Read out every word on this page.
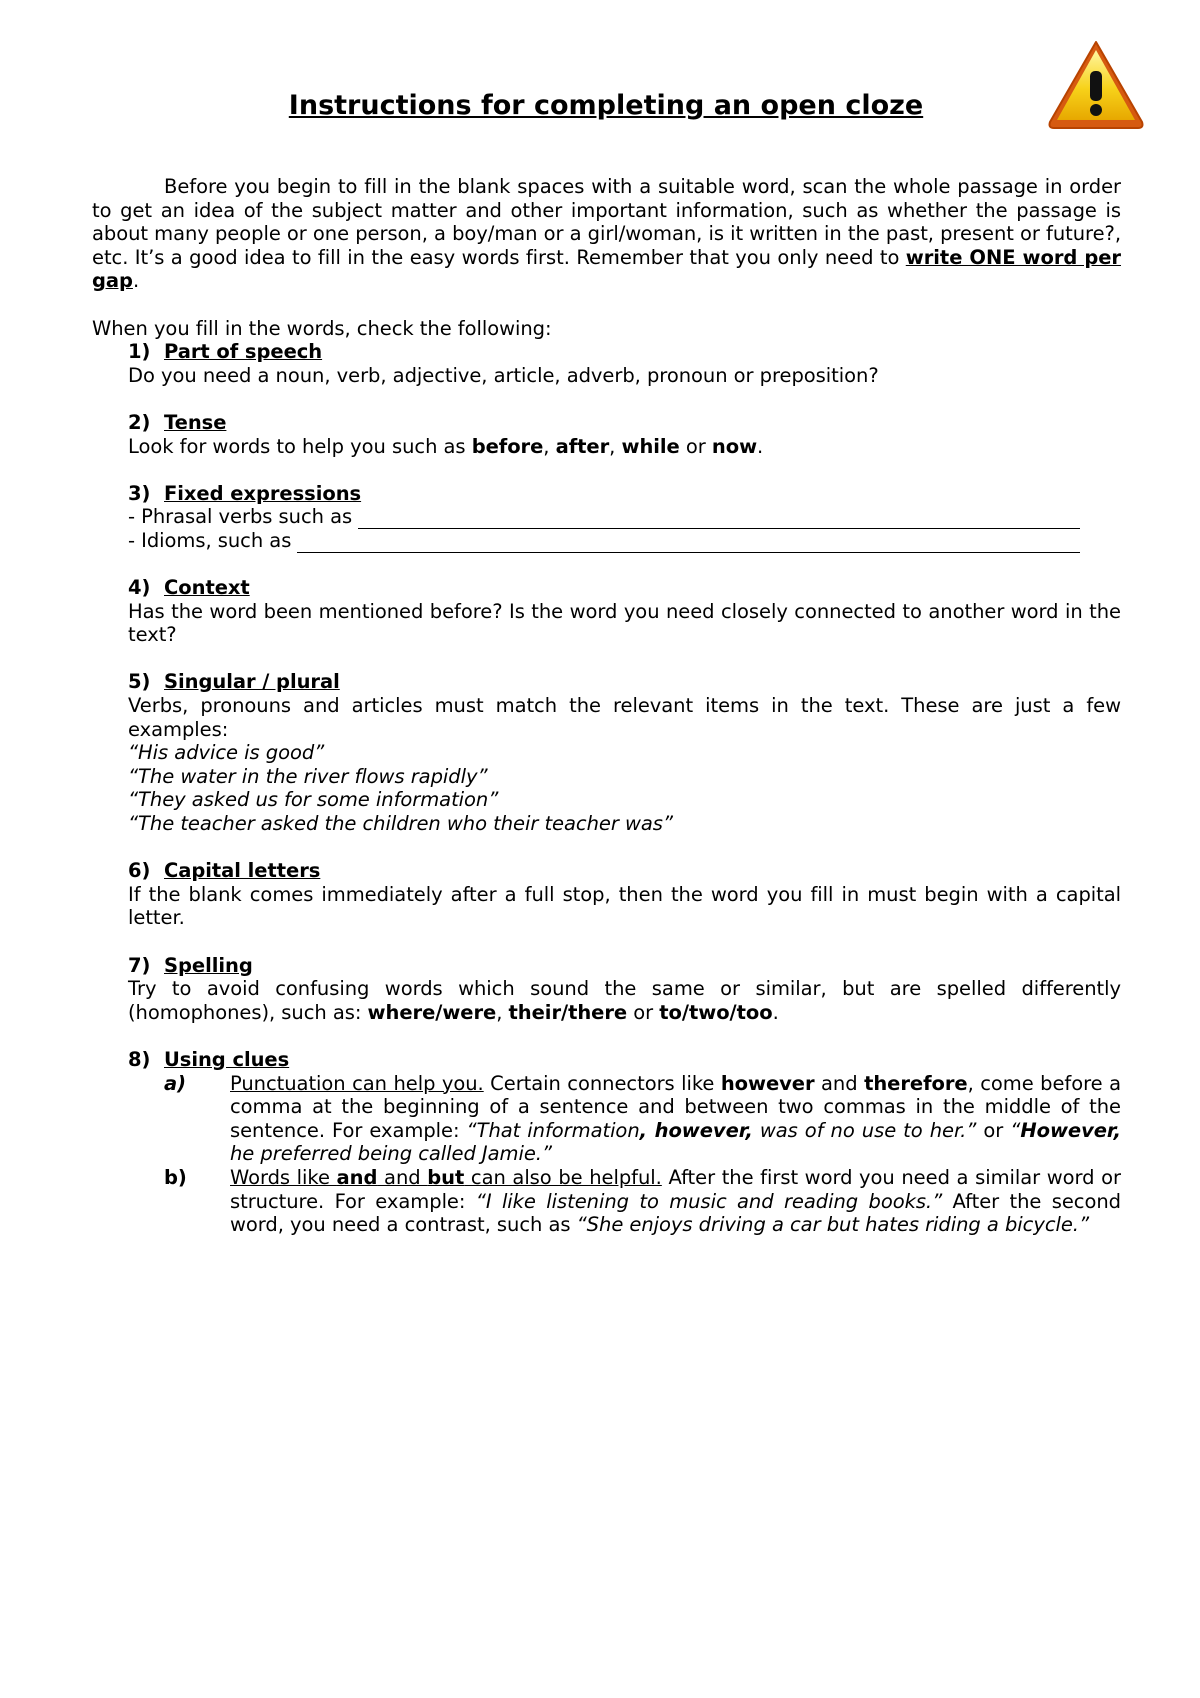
Instructions for completing an open cloze

Before you begin to fill in the blank spaces with a suitable word, scan the whole passage in order to get an idea of the subject matter and other important information, such as whether the passage is about many people or one person, a boy/man or a girl/woman, is it written in the past, present or future?, etc. It’s a good idea to fill in the easy words first. Remember that you only need to write ONE word per gap.

When you fill in the words, check the following:

1) Part of speech

Do you need a noun, verb, adjective, article, adverb, pronoun or preposition?

2) Tense

Look for words to help you such as before, after, while or now.

3) Fixed expressions

- Phrasal verbs such as

- Idioms, such as

4) Context

Has the word been mentioned before? Is the word you need closely connected to another word in the text?

5) Singular / plural

Verbs, pronouns and articles must match the relevant items in the text. These are just a few examples:

“His advice is good”

“The water in the river flows rapidly”

“They asked us for some information”

“The teacher asked the children who their teacher was”

6) Capital letters

If the blank comes immediately after a full stop, then the word you fill in must begin with a capital letter.

7) Spelling

Try to avoid confusing words which sound the same or similar, but are spelled differently (homophones), such as: where/were, their/there or to/two/too.

8) Using clues

a)	Punctuation can help you. Certain connectors like however and therefore, come before a comma at the beginning of a sentence and between two commas in the middle of the sentence. For example: “That information, however, was of no use to her.” or “However, he preferred being called Jamie.”

b)	Words like and and but can also be helpful. After the first word you need a similar word or structure. For example: “I like listening to music and reading books.” After the second word, you need a contrast, such as “She enjoys driving a car but hates riding a bicycle.”
